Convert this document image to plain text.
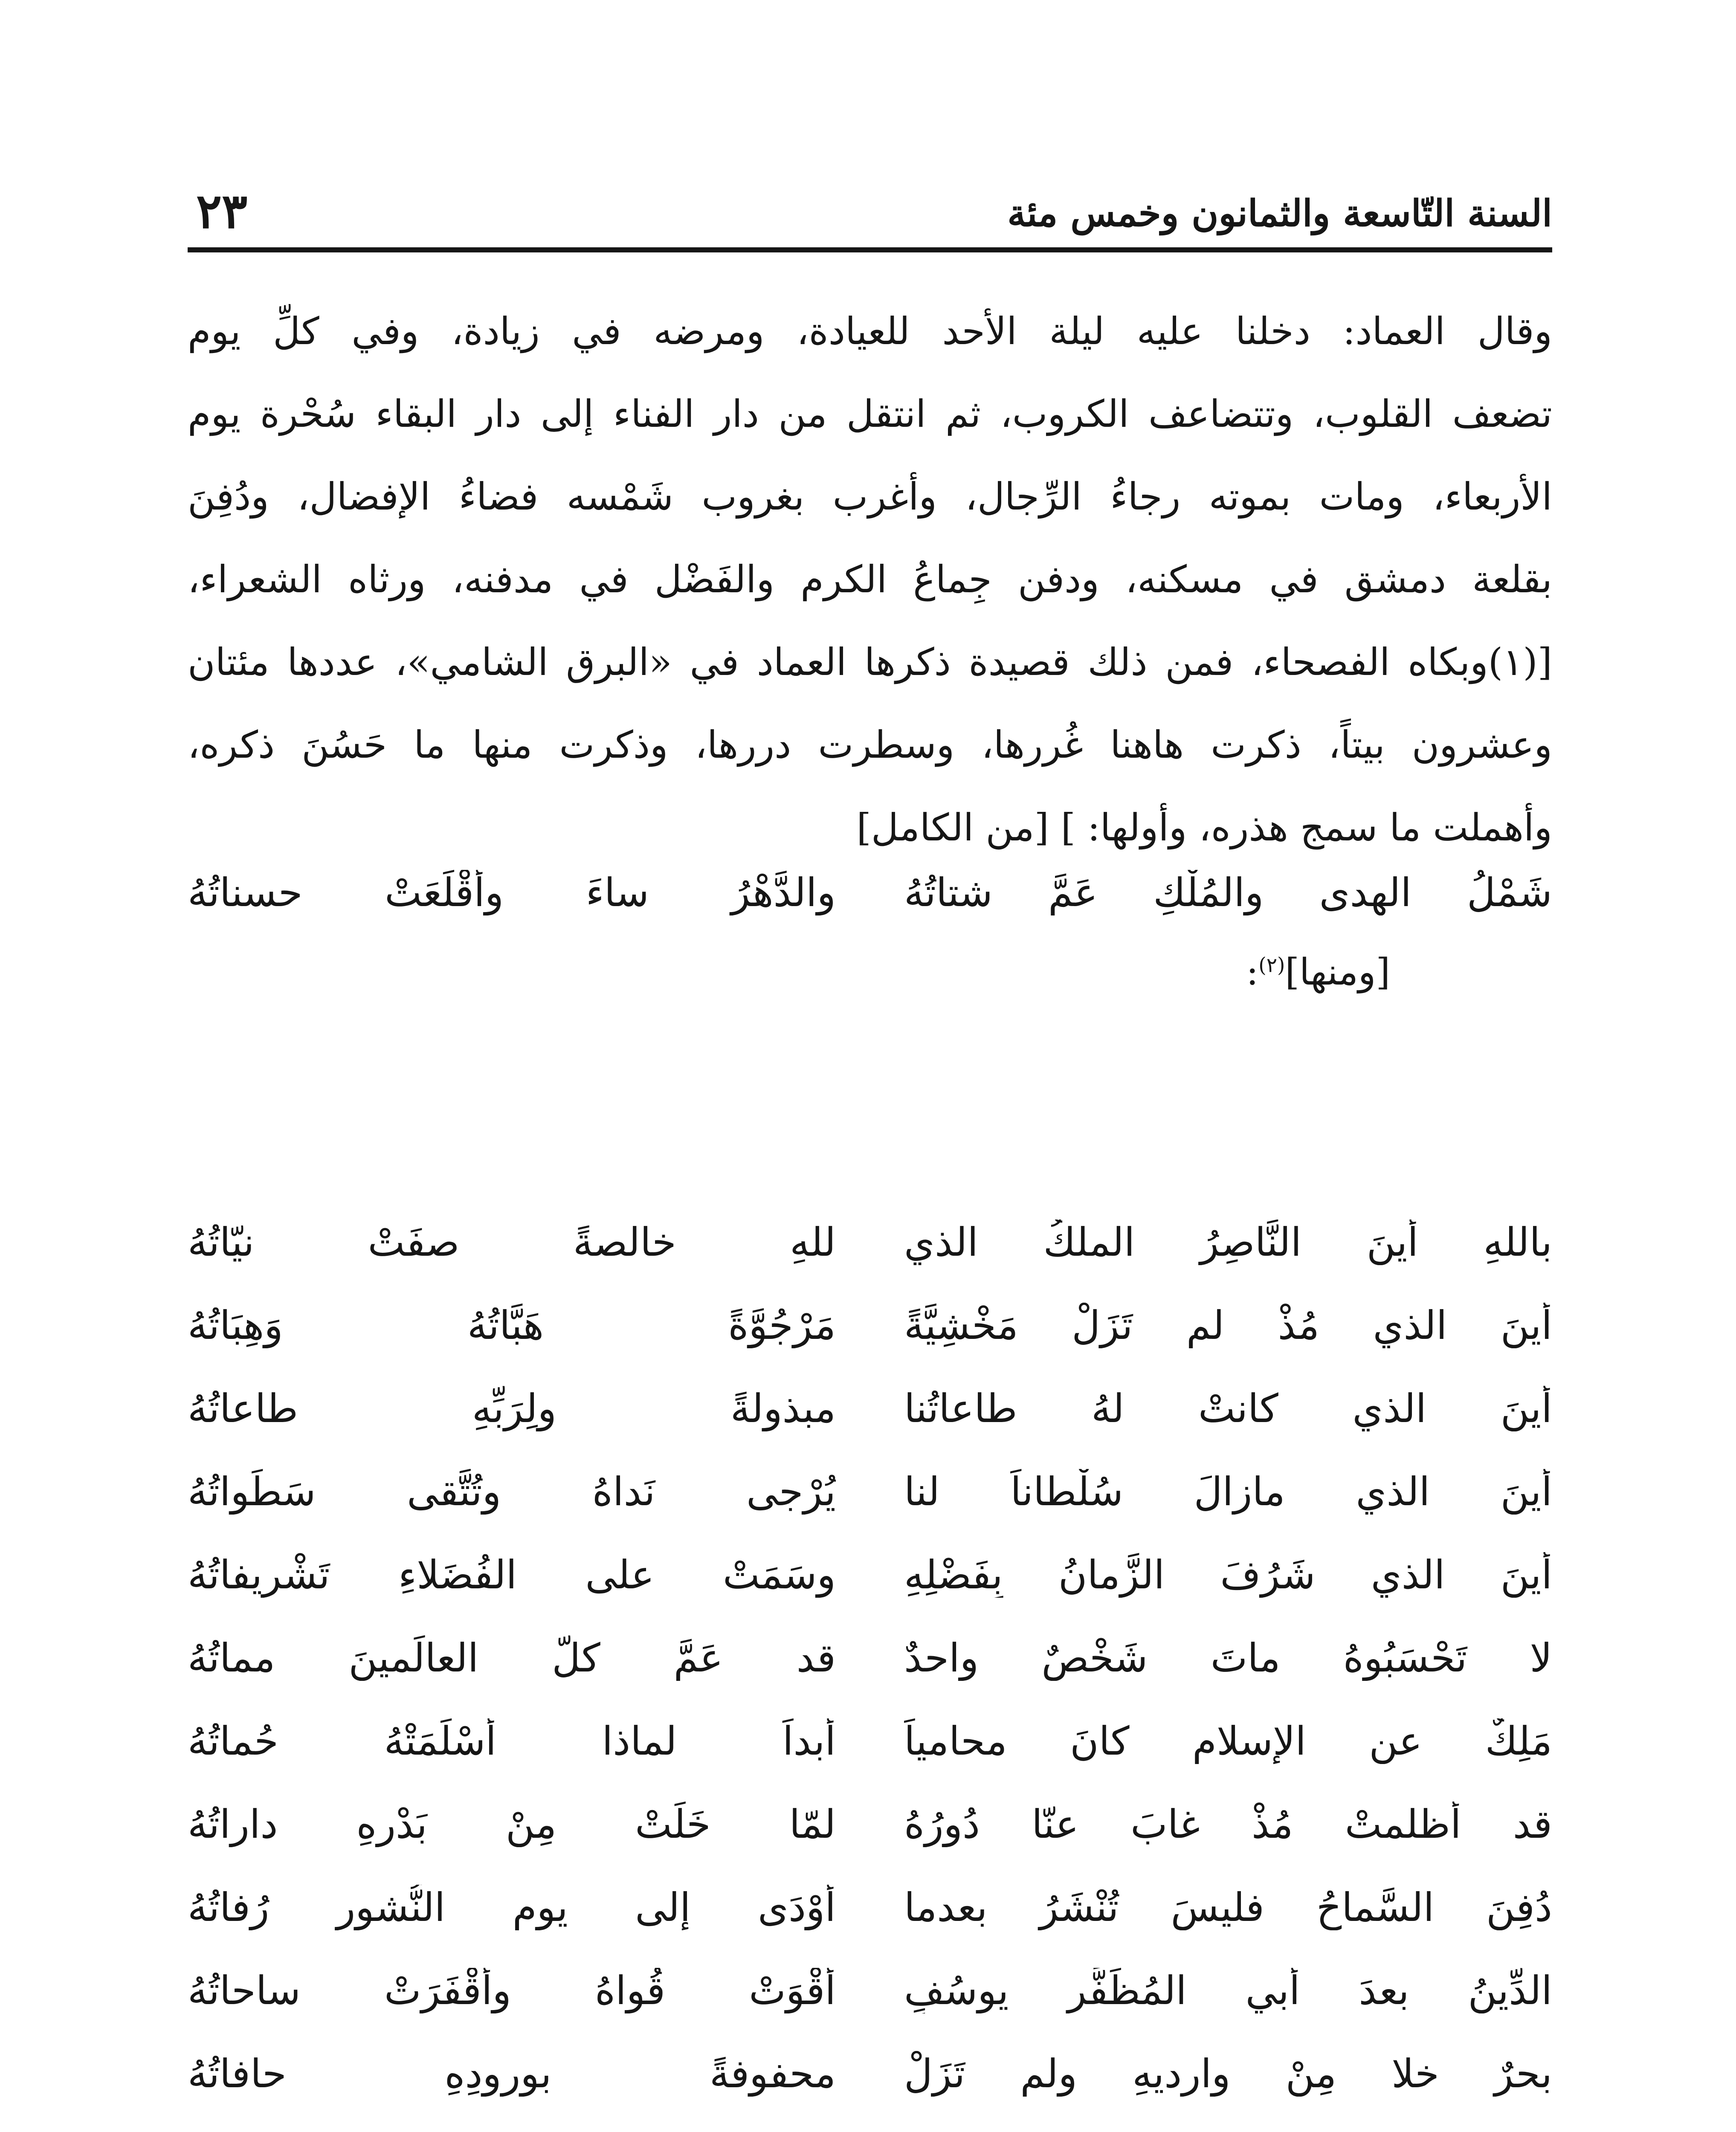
السنة التّاسعة والثمانون وخمس مئة
٢٣
وقال العماد: دخلنا عليه ليلة الأحد للعيادة، ومرضه في زيادة، وفي كلِّ يوم
تضعف القلوب، وتتضاعف الكروب، ثم انتقل من دار الفناء إلى دار البقاء سُحْرة يوم
الأربعاء، ومات بموته رجاءُ الرِّجال، وأغرب بغروب شَمْسه فضاءُ الإفضال، ودُفِنَ
بقلعة دمشق في مسكنه، ودفن جِماعُ الكرم والفَضْل في مدفنه، ورثاه الشعراء،
[(١)وبكاه الفصحاء، فمن ذلك قصيدة ذكرها العماد في «البرق الشامي»، عددها مئتان
وعشرون بيتاً، ذكرت هاهنا غُررها، وسطرت دررها، وذكرت منها ما حَسُنَ ذكره،
وأهملت ما سمج هذره، وأولها: ] [من الكامل]
شَمْلُ الهدى والمُلْكِ عَمَّ شتاتُهُ
والدَّهْرُ ساءَ وأَقْلَعَتْ حسناتُهُ
[ومنها]$^{(٢)}$:
باللهِ أينَ النَّاصِرُ الملكُ الذي
للهِ خالصةً صفَتْ نيّاتُهُ
أينَ الذي مُذْ لم تَزَلْ مَخْشِيَّةً
مَرْجُوَّةً هَبَّاتُهُ وَهِبَاتُهُ
أينَ الذي كانتْ لهُ طاعاتُنا
مبذولةً ولِرَبِّهِ طاعاتُهُ
أينَ الذي مازالَ سُلْطاناً لنا
يُرْجى نَداهُ وتُتَّقى سَطَواتُهُ
أينَ الذي شَرُفَ الزَّمانُ بِفَضْلِهِ
وسَمَتْ على الفُضَلاءِ تَشْريفاتُهُ
لا تَحْسَبُوهُ ماتَ شَخْصٌ واحدٌ
قد عَمَّ كلَّ العالَمينَ مماتُهُ
مَلِكٌ عنِ الإسلامِ كانَ محامياً
أبداً لماذا أَسْلَمَتْهُ حُماتُهُ
قد أظلمتْ مُذْ غابَ عنّا دُورُهُ
لمّا خَلَتْ مِنْ بَدْرِهِ داراتُهُ
دُفِنَ السَّماحُ فليسَ تُنْشَرُ بعدما
أَوْدَى إلى يومِ النُّشورِ رُفاتُهُ
الدِّينُ بعدَ أبي المُظَفَّرِ يوسُفٍ
أَقْوَتْ قُواهُ وأَقْفَرَتْ ساحاتُهُ
بحرٌ خلا مِنْ وارديهِ ولم تَزَلْ
محفوفةً بورودِهِ حافاتُهُ
